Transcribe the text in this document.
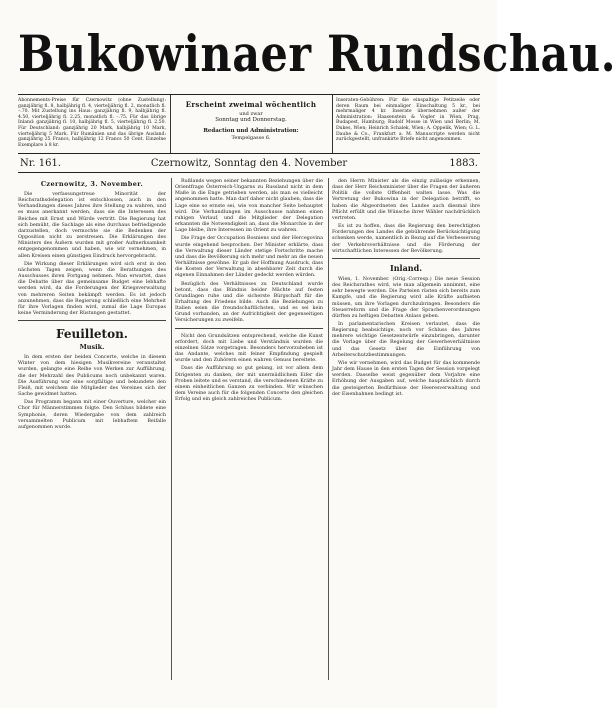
Bukowinaer Rundschau.
Abonnements-Preise für Czernowitz (ohne Zustellung): ganzjährig fl. 8, halbjährig fl. 4, vierteljährig fl. 2, monatlich fl. –.70. Mit Zustellung ins Haus: ganzjährig fl. 9, halbjährig fl. 4.50, vierteljährig fl. 2.25, monatlich fl. –.75. Für das übrige Inland: ganzjährig fl. 10, halbjährig fl. 5, vierteljährig fl. 2.50. Für Deutschland: ganzjährig 20 Mark, halbjährig 10 Mark, vierteljährig 5 Mark. Für Rumänien und das übrige Ausland: ganzjährig 25 Francs, halbjährig 12 Francs 50 Cent. Einzelne Exemplare à 8 kr.
Erscheint zweimal wöchentlich
und zwar
Sonntag und Donnerstag.
Redaction und Administration:
Tempelgasse 6.
Inseraten-Gebühren: Für die einspaltige Petitzeile oder deren Raum bei einmaliger Einschaltung 5 kr., bei mehrmaliger 4 kr. Inserate übernehmen außer der Administration: Haasenstein & Vogler in Wien, Prag, Budapest, Hamburg; Rudolf Mosse in Wien und Berlin; M. Dukes, Wien; Heinrich Schalek, Wien; A. Oppelik, Wien; G. L. Daube & Co., Frankfurt a. M. Manuscripte werden nicht zurückgestellt, unfrankirte Briefe nicht angenommen.
Czernowitz, Sonntag den 4. November
Nr. 161.	1883.
Czernowitz, 3. November.

Die verfassungstreue Minorität der Reichsrathsdelegation ist entschlossen, auch in den Verhandlungen dieses Jahres ihre Stellung zu wahren, und es muss anerkannt werden, dass sie die Interessen des Reiches mit Ernst und Würde vertritt. Die Regierung hat sich bemüht, die Sachlage als eine durchaus befriedigende darzustellen, doch vermochte sie die Bedenken der Opposition nicht zu zerstreuen. Die Erklärungen des Ministers des Äußern wurden mit großer Aufmerksamkeit entgegengenommen und haben, wie wir vernehmen, in allen Kreisen einen günstigen Eindruck hervorgebracht.

Die Wirkung dieser Erklärungen wird sich erst in den nächsten Tagen zeigen, wenn die Berathungen des Ausschusses ihren Fortgang nehmen. Man erwartet, dass die Debatte über das gemeinsame Budget eine lebhafte werden wird, da die Forderungen der Kriegsverwaltung von mehreren Seiten bekämpft werden. Es ist jedoch anzunehmen, dass die Regierung schließlich eine Mehrheit für ihre Vorlagen finden wird, zumal die Lage Europas keine Verminderung der Rüstungen gestattet.

Feuilleton.
Musik.

In dem ersten der beiden Concerte, welche in diesem Winter von dem hiesigen Musikvereine veranstaltet wurden, gelangte eine Reihe von Werken zur Aufführung, die der Mehrzahl des Publicums noch unbekannt waren. Die Ausführung war eine sorgfältige und bekundete den Fleiß, mit welchem die Mitglieder des Vereines sich der Sache gewidmet hatten.

Das Programm begann mit einer Ouverture, welcher ein Chor für Männerstimmen folgte. Den Schluss bildete eine Symphonie, deren Wiedergabe von dem zahlreich versammelten Publicum mit lebhaftem Beifalle aufgenommen wurde.

Rußlands wegen seiner bekannten Beziehungen über die Orientfrage Österreich-Ungarns zu Russland nicht in dem Maße in die Enge getrieben werden, als man es vielleicht angenommen hatte. Man darf daher nicht glauben, dass die Lage eine so ernste sei, wie von mancher Seite behauptet wird. Die Verhandlungen im Ausschusse nahmen einen ruhigen Verlauf, und die Mitglieder der Delegation erkannten die Notwendigkeit an, dass die Monarchie in der Lage bleibe, ihre Interessen im Orient zu wahren.

Die Frage der Occupation Bosniens und der Hercegovina wurde eingehend besprochen. Der Minister erklärte, dass die Verwaltung dieser Länder stetige Fortschritte mache und dass die Bevölkerung sich mehr und mehr an die neuen Verhältnisse gewöhne. Er gab der Hoffnung Ausdruck, dass die Kosten der Verwaltung in absehbarer Zeit durch die eigenen Einnahmen der Länder gedeckt werden würden.

Bezüglich des Verhältnisses zu Deutschland wurde betont, dass das Bündnis beider Mächte auf festen Grundlagen ruhe und die sicherste Bürgschaft für die Erhaltung des Friedens bilde. Auch die Beziehungen zu Italien seien die freundschaftlichsten, und es sei kein Grund vorhanden, an der Aufrichtigkeit der gegenseitigen Versicherungen zu zweifeln.

Nicht den Grundsätzen entsprechend, welche die Kunst erfordert, doch mit Liebe und Verständnis wurden die einzelnen Sätze vorgetragen. Besonders hervorzuheben ist das Andante, welches mit feiner Empfindung gespielt wurde und den Zuhörern einen wahren Genuss bereitete.

Dass die Aufführung so gut gelang, ist vor allem dem Dirigenten zu danken, der mit unermüdlichem Eifer die Proben leitete und es verstand, die verschiedenen Kräfte zu einem einheitlichen Ganzen zu verbinden. Wir wünschen dem Vereine auch für die folgenden Concerte den gleichen Erfolg und ein gleich zahlreiches Publicum.

den Herrn Minister als die einzig zulässige erkennen, dass der Herr Reichsminister über die Fragen der äußeren Politik die vollste Offenheit walten lasse. Was die Vertretung der Bukowina in der Delegation betrifft, so haben die Abgeordneten des Landes auch diesmal ihre Pflicht erfüllt und die Wünsche ihrer Wähler nachdrücklich vertreten.

Es ist zu hoffen, dass die Regierung den berechtigten Forderungen des Landes die gebührende Berücksichtigung schenken werde, namentlich in Bezug auf die Verbesserung der Verkehrsverhältnisse und die Förderung der wirtschaftlichen Interessen der Bevölkerung.

Inland.

Wien, 1. November. (Orig.-Corresp.) Die neue Session des Reichsrathes wird, wie man allgemein annimmt, eine sehr bewegte werden. Die Parteien rüsten sich bereits zum Kampfe, und die Regierung wird alle Kräfte aufbieten müssen, um ihre Vorlagen durchzubringen. Besonders die Steuerreform und die Frage der Sprachenverordnungen dürften zu heftigen Debatten Anlass geben.

In parlamentarischen Kreisen verlautet, dass die Regierung beabsichtige, noch vor Schluss des Jahres mehrere wichtige Gesetzentwürfe einzubringen, darunter die Vorlage über die Regelung der Gewerbeverhältnisse und das Gesetz über die Einführung von Arbeiterschutzbestimmungen.

Wie wir vernehmen, wird das Budget für das kommende Jahr dem Hause in den ersten Tagen der Session vorgelegt werden. Dasselbe weist gegenüber dem Vorjahre eine Erhöhung der Ausgaben auf, welche hauptsächlich durch die gesteigerten Bedürfnisse der Heeresverwaltung und der Eisenbahnen bedingt ist.
